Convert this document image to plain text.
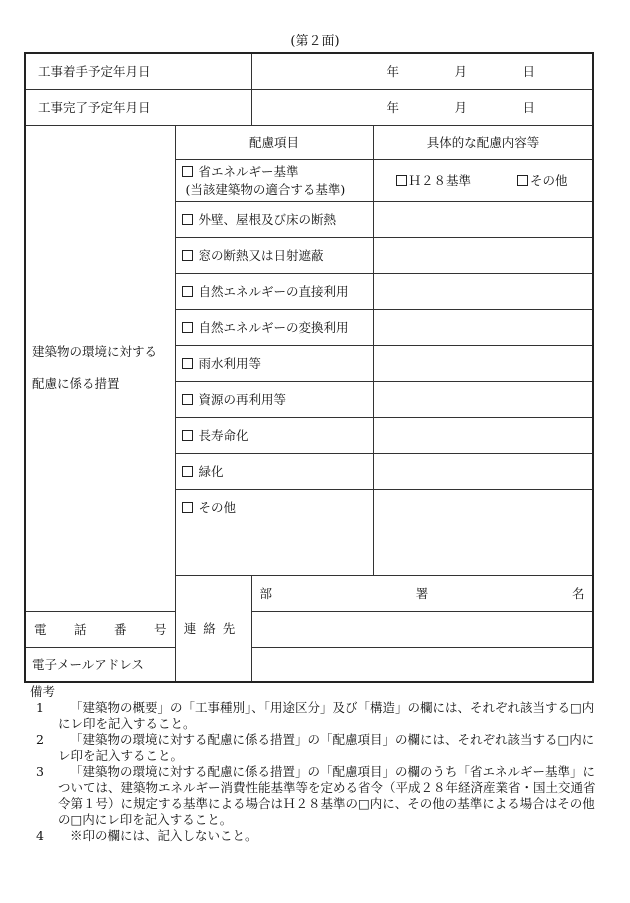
(第２面)
工事着手予定年月日		年 月 日		

工事完了予定年月日		年 月 日		

建築物の環境に対する
配慮に係る措置	配慮項目		具体的な配慮内容等	

	省エネルギー基準
(当該建築物の適合する基準)		Ｈ２８基準 その他	

	外壁、屋根及び床の断熱			
	窓の断熱又は日射遮蔽			
	自然エネルギーの直接利用			
	自然エネルギーの変換利用			
	雨水利用等			
	資源の再利用等			
	長寿命化			
	緑化			
	その他			
	連絡先	部 署 名		

電 話 番 号				

電子メールアドレス				
備考
1	「建築物の概要」の「工事種別」、「用途区分」及び「構造」の欄には、それぞれ該当する□内にレ印を記入すること。
2	「建築物の環境に対する配慮に係る措置」の「配慮項目」の欄には、それぞれ該当する□内にレ印を記入すること。
3	「建築物の環境に対する配慮に係る措置」の「配慮項目」の欄のうち「省エネルギー基準」については、建築物エネルギー消費性能基準等を定める省令（平成２８年経済産業省・国土交通省令第１号）に規定する基準による場合はＨ２８基準の□内に、その他の基準による場合はその他の□内にレ印を記入すること。
4	※印の欄には、記入しないこと。
